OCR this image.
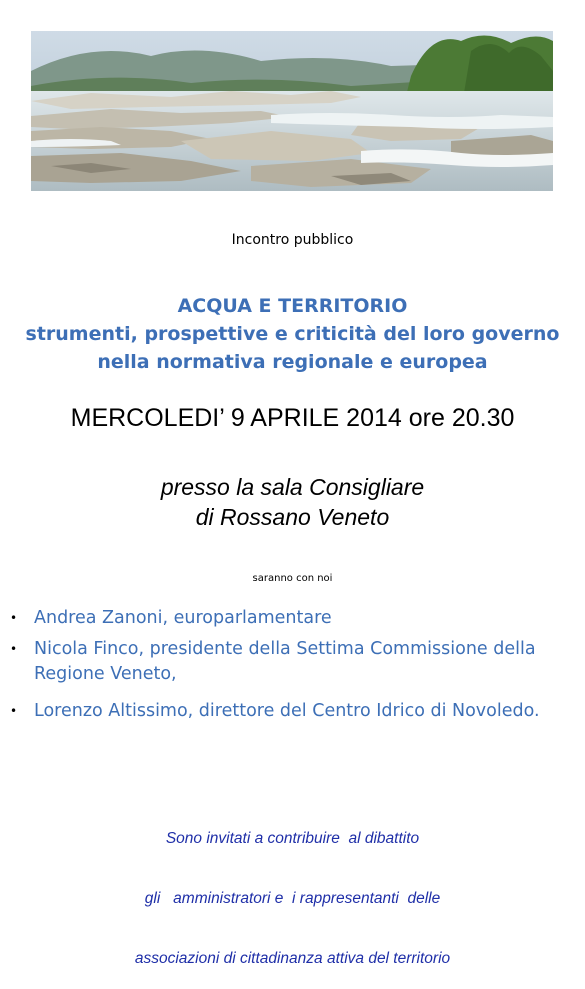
Incontro pubblico
ACQUA E TERRITORIO
strumenti, prospettive e criticità del loro governo
nella normativa regionale e europea
MERCOLEDI’ 9 APRILE 2014 ore 20.30
presso la sala Consigliare
di Rossano Veneto
saranno con noi
• Andrea Zanoni, europarlamentare
• Nicola Finco, presidente della Settima Commissione della
Regione Veneto,
• Lorenzo Altissimo, direttore del Centro Idrico di Novoledo.

Sono invitati a contribuire  al dibattito

gli   amministratori e  i rappresentanti  delle

associazioni di cittadinanza attiva del territorio
